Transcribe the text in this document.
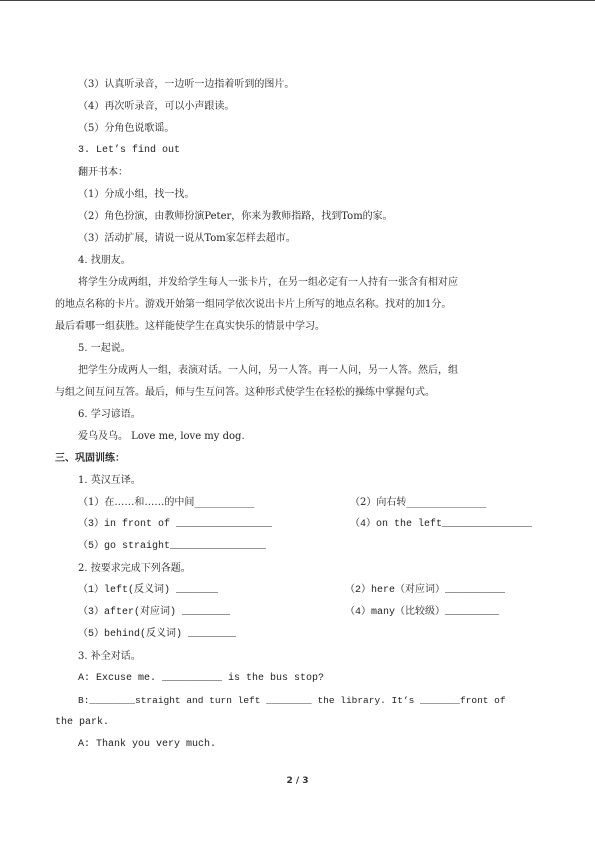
（3）认真听录音，一边听一边指着听到的图片。
（4）再次听录音，可以小声跟读。
（5）分角色说歌谣。
3. Let’s find out
翻开书本：
（1）分成小组，找一找。
（2）角色扮演，由教师扮演Peter，你来为教师指路，找到Tom的家。
（3）活动扩展，请说一说从Tom家怎样去超市。
4. 找朋友。
将学生分成两组，并发给学生每人一张卡片，在另一组必定有一人持有一张含有相对应
的地点名称的卡片。游戏开始第一组同学依次说出卡片上所写的地点名称。找对的加1分。
最后看哪一组获胜。这样能使学生在真实快乐的情景中学习。
5. 一起说。
把学生分成两人一组，表演对话。一人问，另一人答。再一人问，另一人答。然后，组
与组之间互问互答。最后，师与生互问答。这种形式使学生在轻松的操练中掌握句式。
6. 学习谚语。
爱乌及乌。 Love me, love my dog.
三、巩固训练：
1. 英汉互译。
（1）在……和……的中间____________	（2）向右转________________
（3）in front of ________________	（4）on the left_______________
（5）go straight________________
2. 按要求完成下列各题。
（1）left(反义词) _______	（2）here（对应词）__________
（3）after(对应词) ________	（4）many（比较级）_________
（5）behind(反义词) ________
3. 补全对话。
A: Excuse me. __________ is the bus stop?
B:________straight and turn left ________ the library. It’s _______front of
the park.
A: Thank you very much.
2 / 3
